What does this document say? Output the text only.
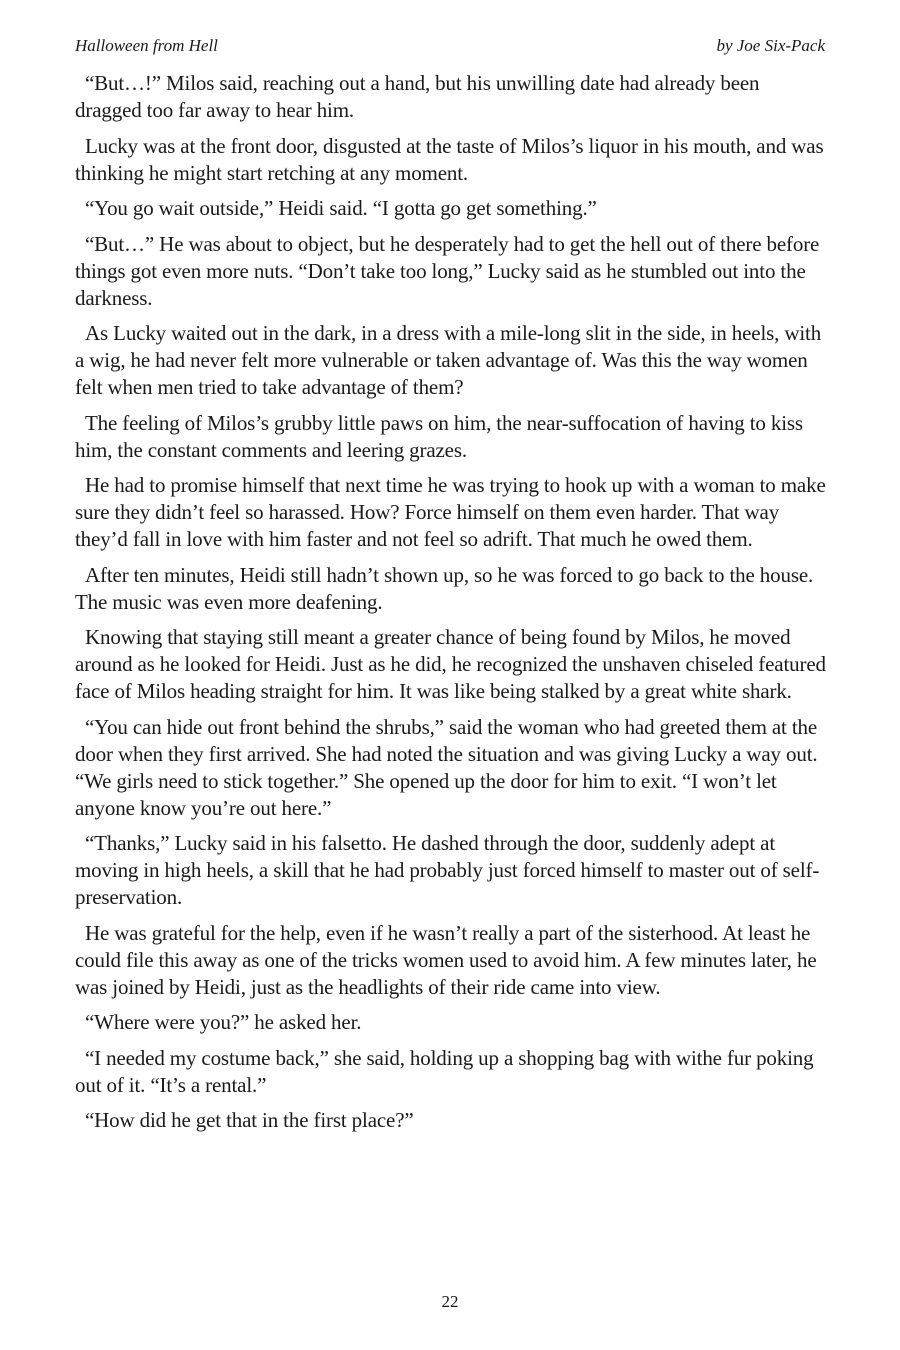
Halloween from Hell	by Joe Six-Pack

“But…!” Milos said, reaching out a hand, but his unwilling date had already been dragged too far away to hear him.

Lucky was at the front door, disgusted at the taste of Milos’s liquor in his mouth, and was thinking he might start retching at any moment.

“You go wait outside,” Heidi said. “I gotta go get something.”

“But…” He was about to object, but he desperately had to get the hell out of there before things got even more nuts. “Don’t take too long,” Lucky said as he stumbled out into the darkness.

As Lucky waited out in the dark, in a dress with a mile-long slit in the side, in heels, with a wig, he had never felt more vulnerable or taken advantage of. Was this the way women felt when men tried to take advantage of them?

The feeling of Milos’s grubby little paws on him, the near-suffocation of having to kiss him, the constant comments and leering grazes.

He had to promise himself that next time he was trying to hook up with a woman to make sure they didn’t feel so harassed. How? Force himself on them even harder. That way they’d fall in love with him faster and not feel so adrift. That much he owed them.

After ten minutes, Heidi still hadn’t shown up, so he was forced to go back to the house. The music was even more deafening.

Knowing that staying still meant a greater chance of being found by Milos, he moved around as he looked for Heidi. Just as he did, he recognized the unshaven chiseled featured face of Milos heading straight for him. It was like being stalked by a great white shark.

“You can hide out front behind the shrubs,” said the woman who had greeted them at the door when they first arrived. She had noted the situation and was giving Lucky a way out. “We girls need to stick together.” She opened up the door for him to exit. “I won’t let anyone know you’re out here.”

“Thanks,” Lucky said in his falsetto. He dashed through the door, suddenly adept at moving in high heels, a skill that he had probably just forced himself to master out of self-preservation.

He was grateful for the help, even if he wasn’t really a part of the sisterhood. At least he could file this away as one of the tricks women used to avoid him. A few minutes later, he was joined by Heidi, just as the headlights of their ride came into view.

“Where were you?” he asked her.

“I needed my costume back,” she said, holding up a shopping bag with withe fur poking out of it. “It’s a rental.”

“How did he get that in the first place?”

22
